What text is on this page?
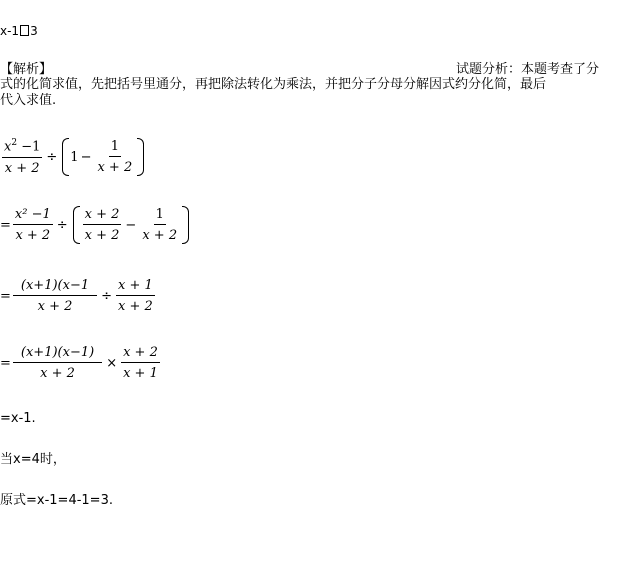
x-1 3
【解析】	试题分析：本题考查了分
式的化简求值，先把括号里通分，再把除法转化为乘法，并把分子分母分解因式约分化简，最后
代入求值.
$\frac{x^2 -1}{x + 2} \div 1 - \frac{1}{x + 2}$
= $\frac{\text{x² −1}}{x + 2} \div \frac{x + 2}{x + 2} - \frac{1}{x + 2}$
= $\frac{(x+1)(x-1}{x + 2} \div \frac{x + 1}{x + 2}$
= $\frac{(x+1)(x-1)}{x + 2} \times \frac{x + 2}{x + 1}$
=x-1.
当x=4时，
原式=x-1=4-1=3.
